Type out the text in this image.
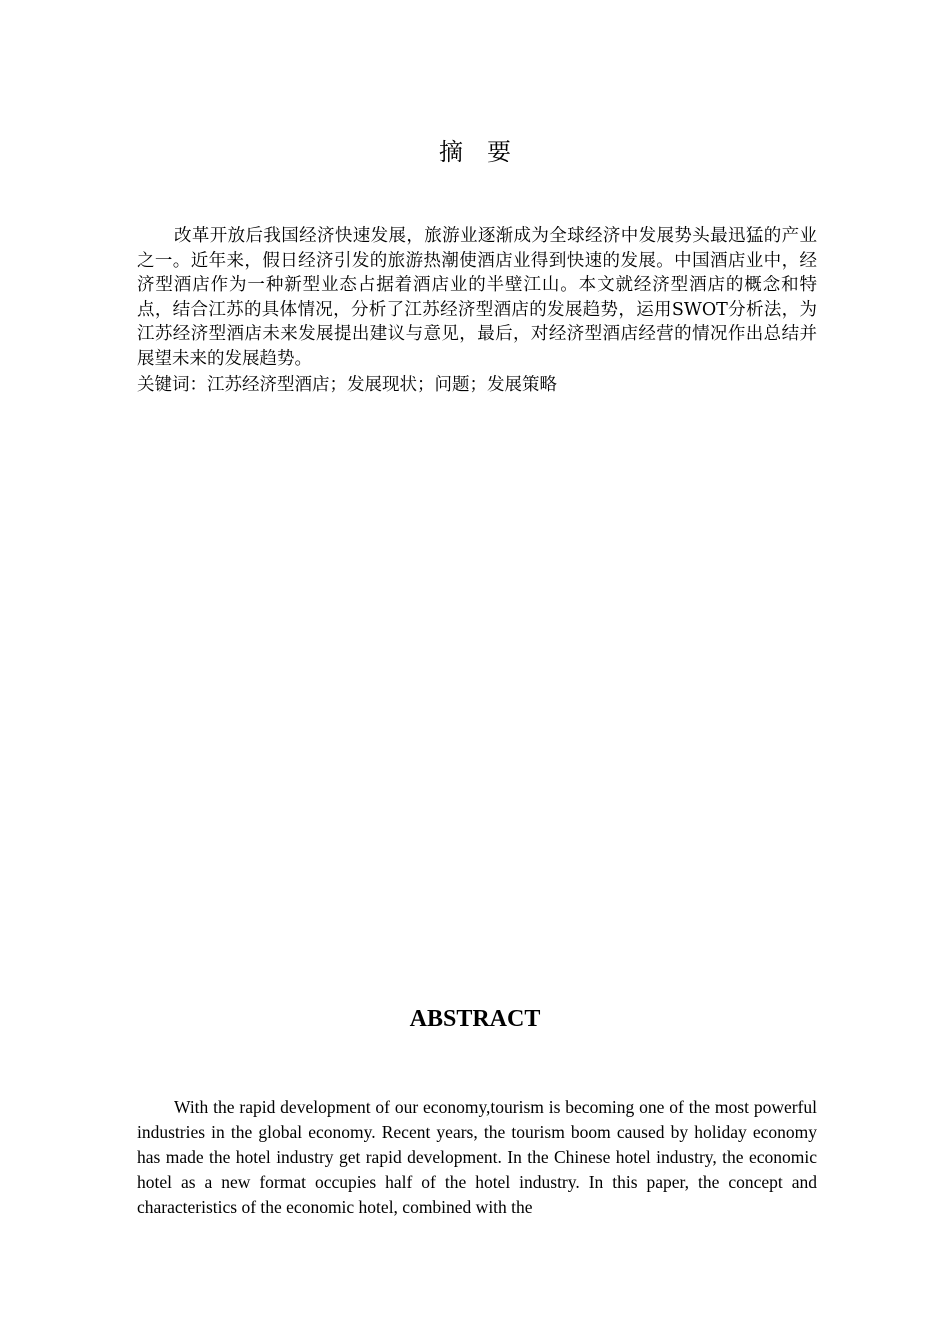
摘要

改革开放后我国经济快速发展，旅游业逐渐成为全球经济中发展势头最迅猛的产业之一。近年来，假日经济引发的旅游热潮使酒店业得到快速的发展。中国酒店业中，经济型酒店作为一种新型业态占据着酒店业的半壁江山。本文就经济型酒店的概念和特点，结合江苏的具体情况，分析了江苏经济型酒店的发展趋势，运用SWOT分析法，为江苏经济型酒店未来发展提出建议与意见，最后，对经济型酒店经营的情况作出总结并展望未来的发展趋势。

关键词：江苏经济型酒店；发展现状；问题；发展策略

ABSTRACT

With the rapid development of our economy,tourism is becoming one of the most powerful industries in the global economy. Recent years, the tourism boom caused by holiday economy has made the hotel industry get rapid development. In the Chinese hotel industry, the economic hotel as a new format occupies half of the hotel industry. In this paper, the concept and characteristics of the economic hotel, combined with the
